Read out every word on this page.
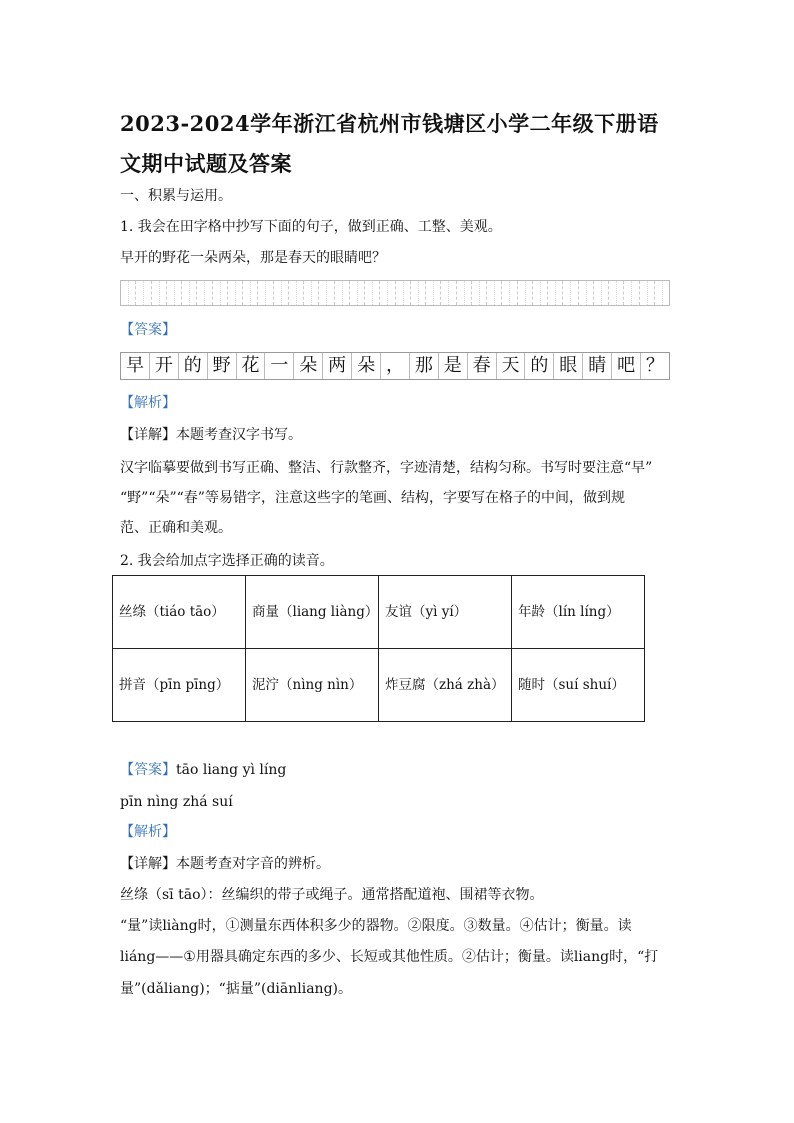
2023-2024学年浙江省杭州市钱塘区小学二年级下册语文期中试题及答案
一、积累与运用。
1. 我会在田字格中抄写下面的句子，做到正确、工整、美观。
早开的野花一朵两朵，那是春天的眼睛吧？
【答案】
早 开 的 野 花 一 朵 两 朵 ， 那 是 春 天 的 眼 睛 吧 ？
【解析】
【详解】本题考查汉字书写。
汉字临摹要做到书写正确、整洁、行款整齐，字迹清楚，结构匀称。书写时要注意“早”
“野”“朵”“春”等易错字，注意这些字的笔画、结构，字要写在格子的中间，做到规
范、正确和美观。
2. 我会给加点字选择正确的读音。
丝绦（tiáo tāo）	商量（liang liàng）	友谊（yì yí）	年龄（lín líng）
拼音（pīn pīng）	泥泞（nìng nìn）	炸豆腐（zhá zhà）	随时（suí shuí）
【答案】tāo liang yì líng
pīn nìng zhá suí
【解析】
【详解】本题考查对字音的辨析。
丝绦（sī tāo）：丝编织的带子或绳子。通常搭配道袍、围裙等衣物。
“量”读liàng时，①测量东西体积多少的器物。②限度。③数量。④估计；衡量。读
liáng——①用器具确定东西的多少、长短或其他性质。②估计；衡量。读liang时，“打
量”(dǎliang)；“掂量”(diānliang)。
